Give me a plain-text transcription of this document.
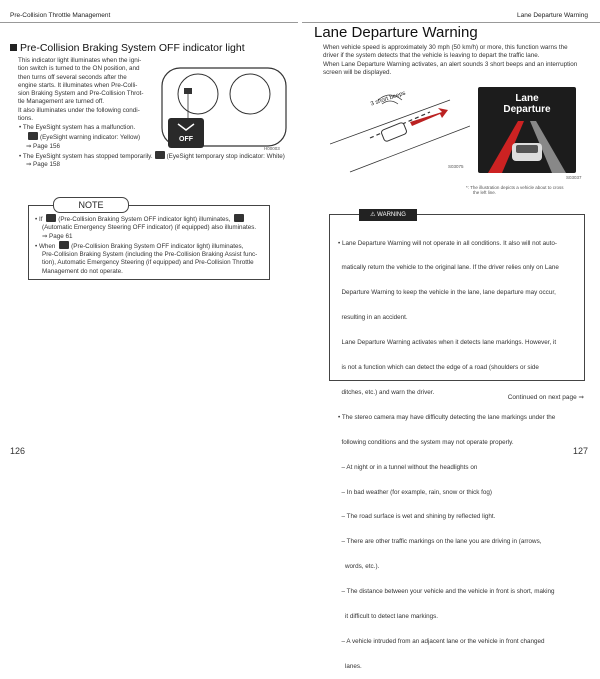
Pre-Collision Throttle Management
Pre-Collision Braking System OFF indicator light
This indicator light illuminates when the igni-
tion switch is turned to the ON position, and
then turns off several seconds after the
engine starts. It illuminates when Pre-Colli-
sion Braking System and Pre-Collision Throt-
tle Management are turned off.
It also illuminates under the following condi-
tions.
OFF
H00003
• The EyeSight system has a malfunction.
(EyeSight warning indicator: Yellow)
⇒ Page 156
• The EyeSight system has stopped temporarily. (EyeSight temporary stop indicator: White)
⇒ Page 158
NOTE
• If	(Pre-Collision Braking System OFF indicator light) illuminates,
(Automatic Emergency Steering OFF indicator) (if equipped) also illuminates.
⇒ Page 61
• When	(Pre-Collision Braking System OFF indicator light) illuminates,
Pre-Collision Braking System (including the Pre-Collision Braking Assist func-
tion), Automatic Emergency Steering (if equipped) and Pre-Collision Throttle
Management do not operate.
126
Lane Departure Warning
Lane Departure Warning
When vehicle speed is approximately 30 mph (50 km/h) or more, this function warns the
driver if the system detects that the vehicle is leaving to depart the traffic lane.
When Lane Departure Warning activates, an alert sounds 3 short beeps and an interruption
screen will be displayed.
3 short beeps
S03075
Lane
Departure
S03037
*: The illustration depicts a vehicle about to cross
the left line.
⚠ WARNING

• Lane Departure Warning will not operate in all conditions. It also will not auto-

matically return the vehicle to the original lane. If the driver relies only on Lane

Departure Warning to keep the vehicle in the lane, lane departure may occur,

resulting in an accident.

Lane Departure Warning activates when it detects lane markings. However, it

is not a function which can detect the edge of a road (shoulders or side

ditches, etc.) and warn the driver.

• The stereo camera may have difficulty detecting the lane markings under the

following conditions and the system may not operate properly.

– At night or in a tunnel without the headlights on

– In bad weather (for example, rain, snow or thick fog)

– The road surface is wet and shining by reflected light.

– There are other traffic markings on the lane you are driving in (arrows,

words, etc.).

– The distance between your vehicle and the vehicle in front is short, making

it difficult to detect lane markings.

– A vehicle intruded from an adjacent lane or the vehicle in front changed

lanes.

Continued on next page ⇒
127
